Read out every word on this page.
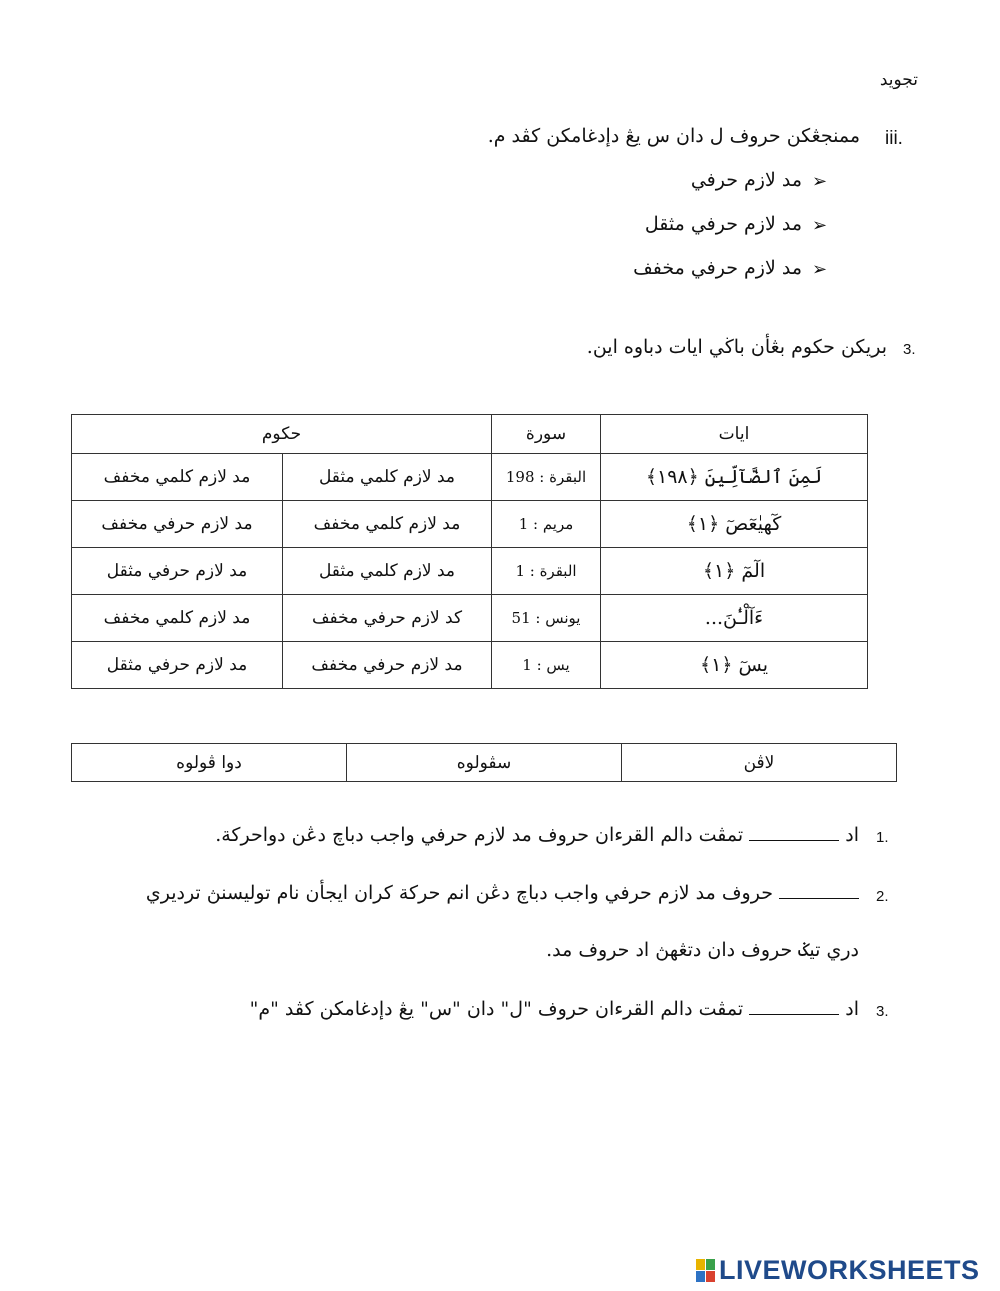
تجويد
iii.
ممنجڠكن حروف ل دان س يڠ دإدغامكن كڤد م.
➢
مد لازم حرفي
➢
مد لازم حرفي مثقل
➢
مد لازم حرفي مخفف
3.
بريكن حكوم بڠأن باڬي ايات دباوه اين.
ايات	سورة	حكوم	
لَمِنَ ٱلضَّآلِّينَ ﴿١٩٨﴾	البقرة : 198	مد لازم كلمي مثقل	مد لازم كلمي مخفف
كٓهيٰعٓصٓ ﴿١﴾	مريم : 1	مد لازم كلمي مخفف	مد لازم حرفي مخفف
الٓمٓ ﴿١﴾	البقرة : 1	مد لازم كلمي مثقل	مد لازم حرفي مثقل
ءَآلْـٰٔنَ...	يونس : 51	كد لازم حرفي مخفف	مد لازم كلمي مخفف
يسٓ ﴿١﴾	يس : 1	مد لازم حرفي مخفف	مد لازم حرفي مثقل
لاڤن	سڤولوه	دوا ڤولوه
1.
اد  تمڤت دالم القرءان حروف مد لازم حرفي واجب دباچ دڠن دواحركة.
2.
حروف مد لازم حرفي واجب دباچ دڠن انم حركة كران ايجأن نام توليسنڽ ترديري
دري تيݢ حروف دان دتڠهڽ اد حروف مد.
3.
اد  تمڤت دالم القرءان حروف "ل" دان "س" يڠ دإدغامكن كڤد "م"
LIVEWORKSHEETS
